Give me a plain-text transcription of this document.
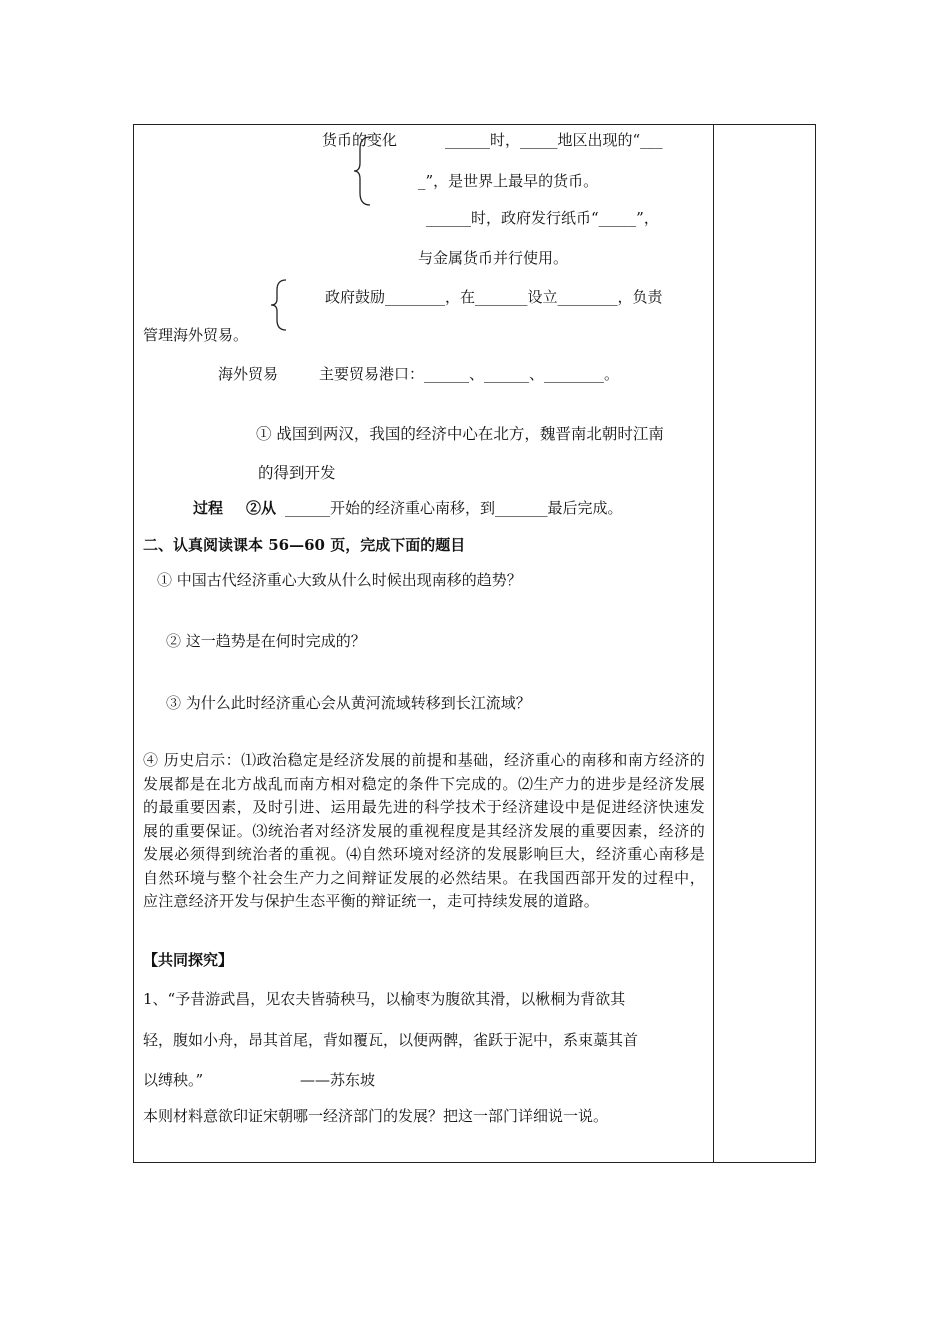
货币的变化	______时，_____地区出现的“___
_”，是世界上最早的货币。
______时，政府发行纸币“_____”，
与金属货币并行使用。
政府鼓励________，在_______设立________，负责
管理海外贸易。
海外贸易	主要贸易港口：______、______、________。
① 战国到两汉，我国的经济中心在北方，魏晋南北朝时江南
的得到开发
过程 ②从 ______开始的经济重心南移，到_______最后完成。
二、认真阅读课本 56—60 页，完成下面的题目
① 中国古代经济重心大致从什么时候出现南移的趋势？
② 这一趋势是在何时完成的？
③ 为什么此时经济重心会从黄河流域转移到长江流域？
④ 历史启示：⑴政治稳定是经济发展的前提和基础，经济重心的南移和南方经济的发展都是在北方战乱而南方相对稳定的条件下完成的。⑵生产力的进步是经济发展的最重要因素，及时引进、运用最先进的科学技术于经济建设中是促进经济快速发展的重要保证。⑶统治者对经济发展的重视程度是其经济发展的重要因素，经济的发展必须得到统治者的重视。⑷自然环境对经济的发展影响巨大，经济重心南移是自然环境与整个社会生产力之间辩证发展的必然结果。在我国西部开发的过程中，应注意经济开发与保护生态平衡的辩证统一，走可持续发展的道路。
【共同探究】
1、“予昔游武昌，见农夫皆骑秧马，以榆枣为腹欲其滑，以楸桐为背欲其
轻，腹如小舟，昂其首尾，背如覆瓦，以便两髀，雀跃于泥中，系束藁其首
以缚秧。”	——苏东坡
本则材料意欲印证宋朝哪一经济部门的发展？把这一部门详细说一说。
